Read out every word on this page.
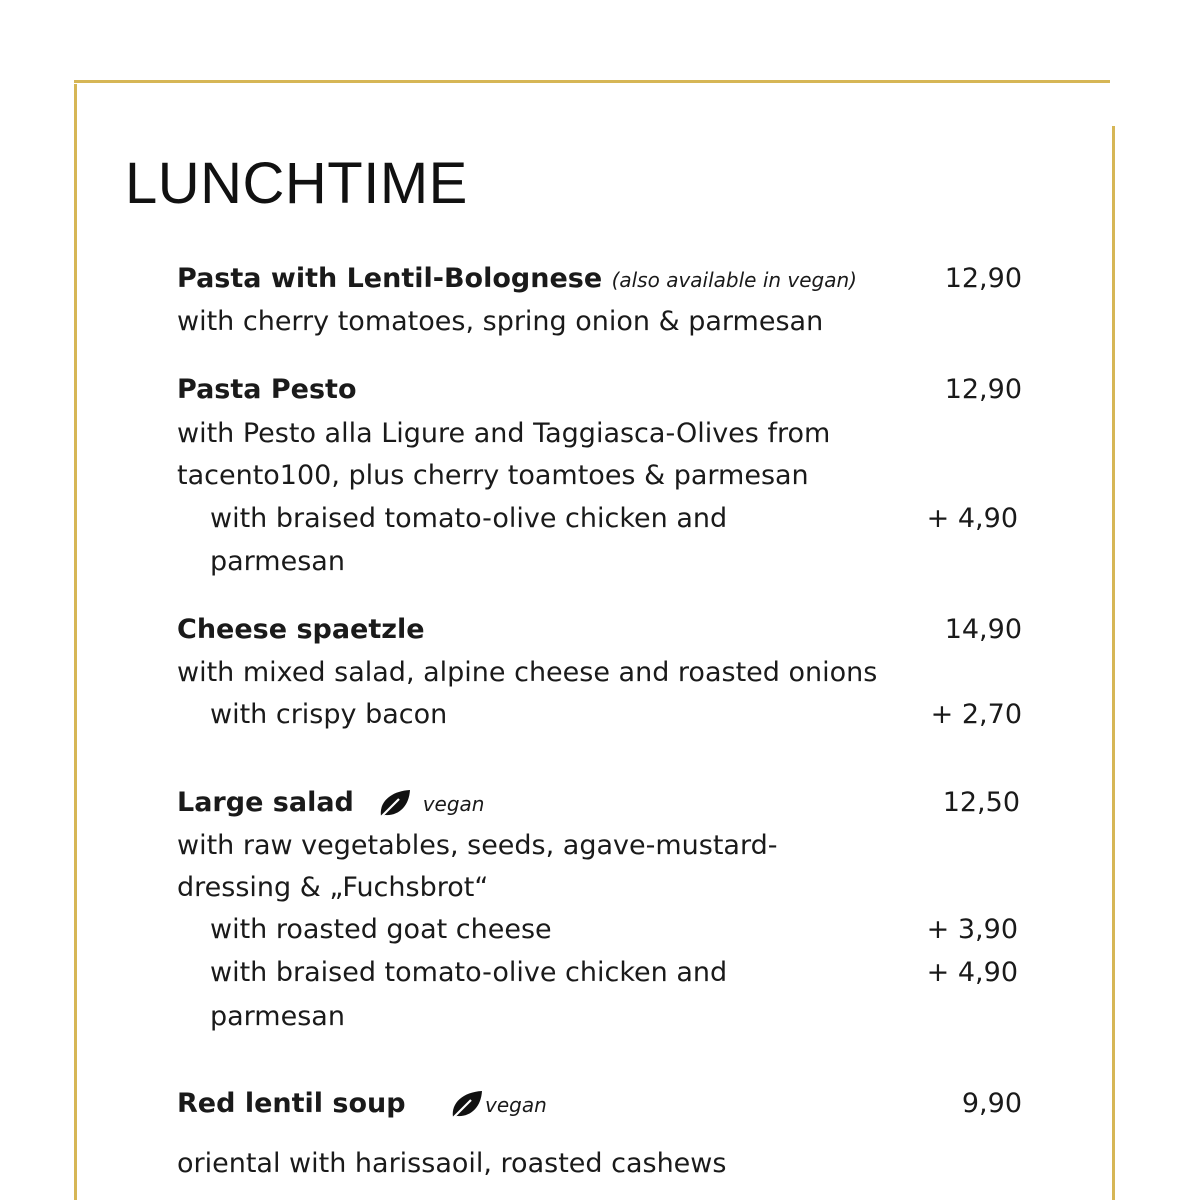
LUNCHTIME
Pasta with Lentil-Bolognese (also available in vegan)	12,90
with cherry tomatoes, spring onion & parmesan
Pasta Pesto	12,90
with Pesto alla Ligure and Taggiasca-Olives from
tacento100, plus cherry toamtoes & parmesan
with braised tomato-olive chicken and	+ 4,90
parmesan
Cheese spaetzle	14,90
with mixed salad, alpine cheese and roasted onions
with crispy bacon	+ 2,70
Large salad	vegan	12,50
with raw vegetables, seeds, agave-mustard-
dressing & „Fuchsbrot“
with roasted goat cheese	+ 3,90
with braised tomato-olive chicken and	+ 4,90
parmesan
Red lentil soup	vegan	9,90
oriental with harissaoil, roasted cashews
